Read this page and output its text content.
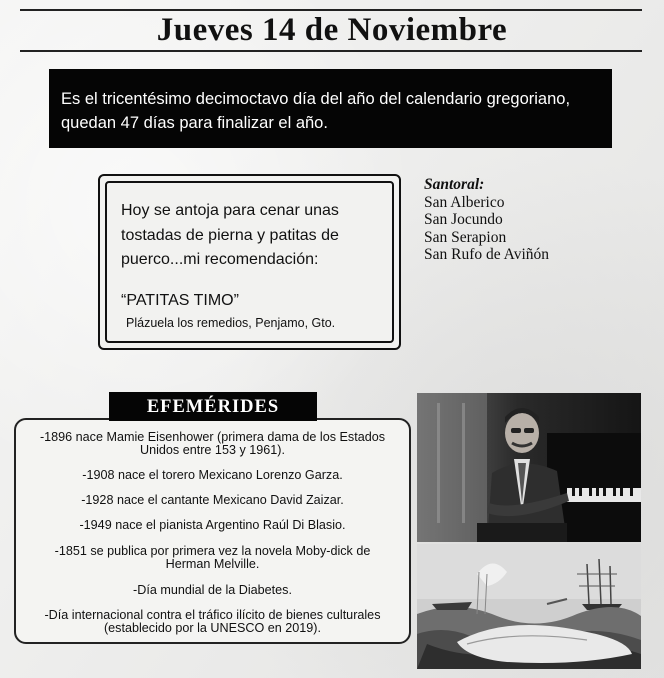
Jueves 14 de Noviembre
Es el tricentésimo decimoctavo día del año del calendario gregoriano,
quedan 47 días para finalizar el año.
Hoy se antoja para cenar unas
tostadas de pierna y patitas de
puerco...mi recomendación:
“PATITAS TIMO”
Plázuela los remedios, Penjamo, Gto.
Santoral:
San Alberico
San Jocundo
San Serapion
San Rufo de Aviñón
EFEMÉRIDES
-1896 nace Mamie Eisenhower (primera dama de los Estados
Unidos entre 153 y 1961).
-1908 nace el torero Mexicano Lorenzo Garza.
-1928 nace el cantante Mexicano David Zaizar.
-1949 nace el pianista Argentino Raúl Di Blasio.
-1851 se publica por primera vez la novela Moby-dick de
Herman Melville.
-Día mundial de la Diabetes.
-Día internacional contra el tráfico ilícito de bienes culturales
(establecido por la UNESCO en 2019).
